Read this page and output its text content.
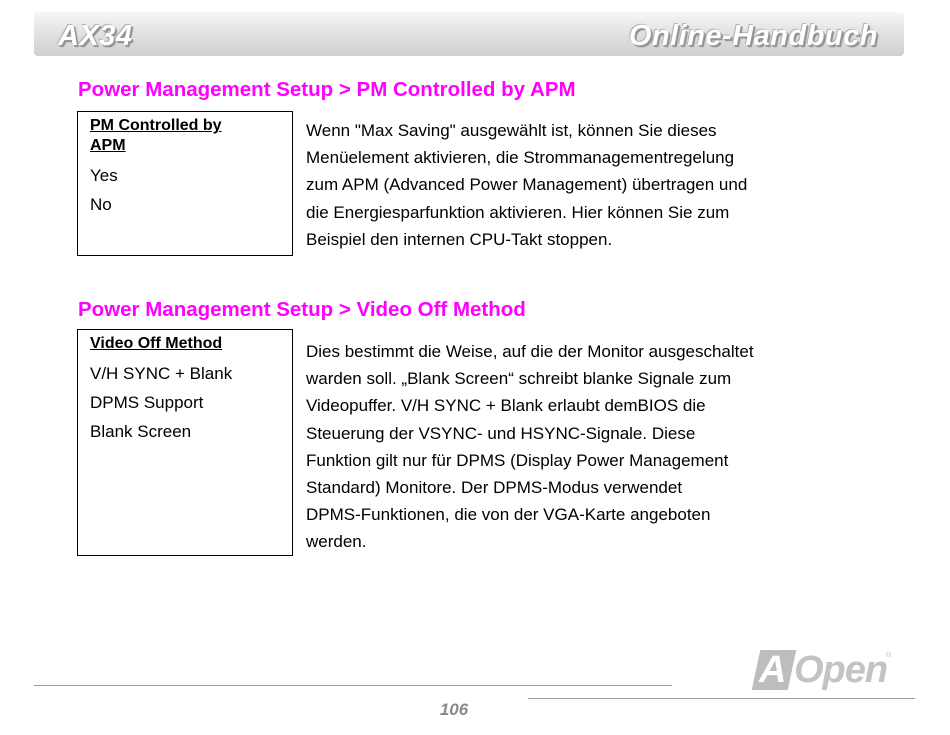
AX34	Online-Handbuch
Power Management Setup > PM Controlled by APM
PM Controlled by
APM
Yes
No
Wenn "Max Saving" ausgewählt ist, können Sie dieses
Menüelement aktivieren, die Strommanagementregelung
zum APM (Advanced Power Management) übertragen und
die Energiesparfunktion aktivieren. Hier können Sie zum
Beispiel den internen CPU-Takt stoppen.
Power Management Setup > Video Off Method
Video Off Method
V/H SYNC + Blank
DPMS Support
Blank Screen
Dies bestimmt die Weise, auf die der Monitor ausgeschaltet
warden soll. „Blank Screen“ schreibt blanke Signale zum
Videopuffer. V/H SYNC + Blank erlaubt demBIOS die
Steuerung der VSYNC- und HSYNC-Signale. Diese
Funktion gilt nur für DPMS (Display Power Management
Standard) Monitore. Der DPMS-Modus verwendet
DPMS-Funktionen, die von der VGA-Karte angeboten
werden.
106
A Open
®
